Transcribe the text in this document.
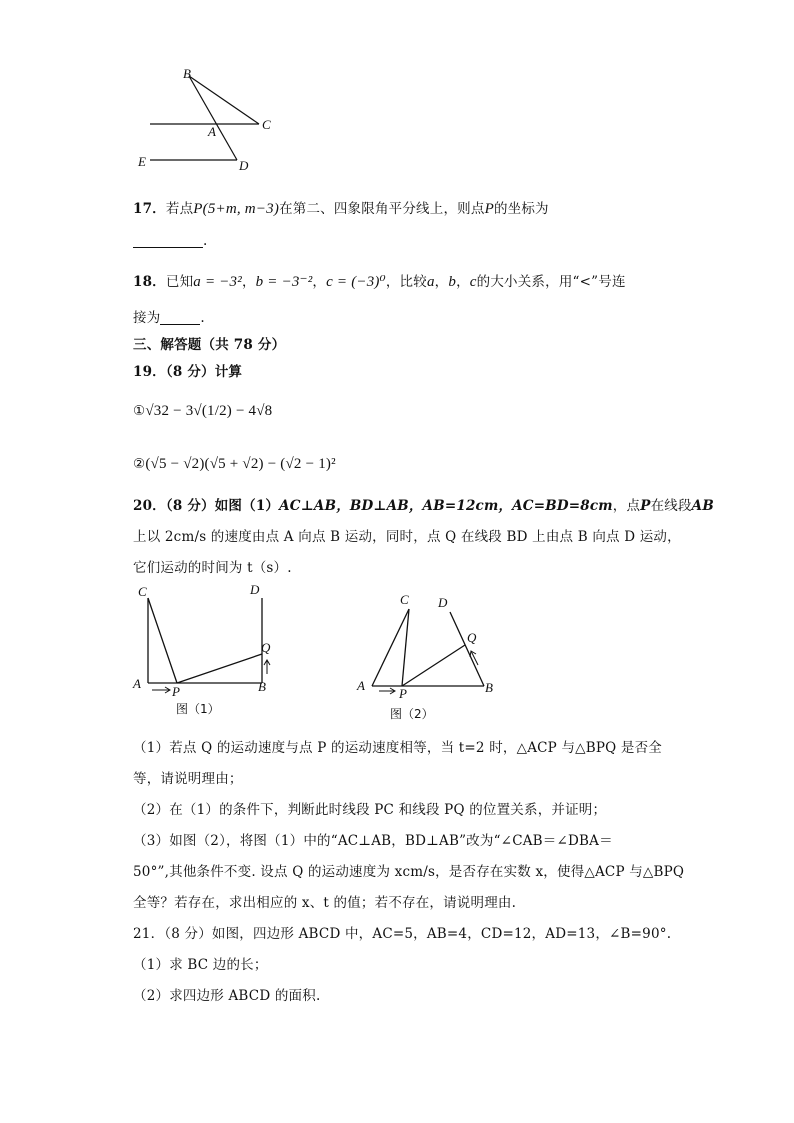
B
A	C
E	D
17．若点P(5+m, m−3)在第二、四象限角平分线上，则点P的坐标为
.
18．已知a = −3²，b = −3⁻²，c = (−3)⁰，比较a，b，c的大小关系，用“<”号连
接为	.
三、解答题（共 78 分）
19．（8 分）计算
①√32 − 3√(1/2) − 4√8
②(√5 − √2)(√5 + √2) − (√2 − 1)²
20．（8 分）如图（1）AC⊥AB，BD⊥AB，AB=12cm，AC=BD=8cm，点P在线段AB
上以 2cm/s 的速度由点 A 向点 B 运动，同时，点 Q 在线段 BD 上由点 B 向点 D 运动，
它们运动的时间为 t（s）.
C	D
Q
A
P	B
图（1）
C D
Q
A
P	B
图（2）
（1）若点 Q 的运动速度与点 P 的运动速度相等，当 t=2 时，△ACP 与△BPQ 是否全
等，请说明理由；
（2）在（1）的条件下，判断此时线段 PC 和线段 PQ 的位置关系，并证明；
（3）如图（2），将图（1）中的“AC⊥AB，BD⊥AB”改为“∠CAB＝∠DBA＝
50°”,其他条件不变. 设点 Q 的运动速度为 xcm/s，是否存在实数 x，使得△ACP 与△BPQ
全等？若存在，求出相应的 x、t 的值；若不存在，请说明理由.
21．（8 分）如图，四边形 ABCD 中，AC=5，AB=4，CD=12，AD=13，∠B=90°.
（1）求 BC 边的长；
（2）求四边形 ABCD 的面积.
